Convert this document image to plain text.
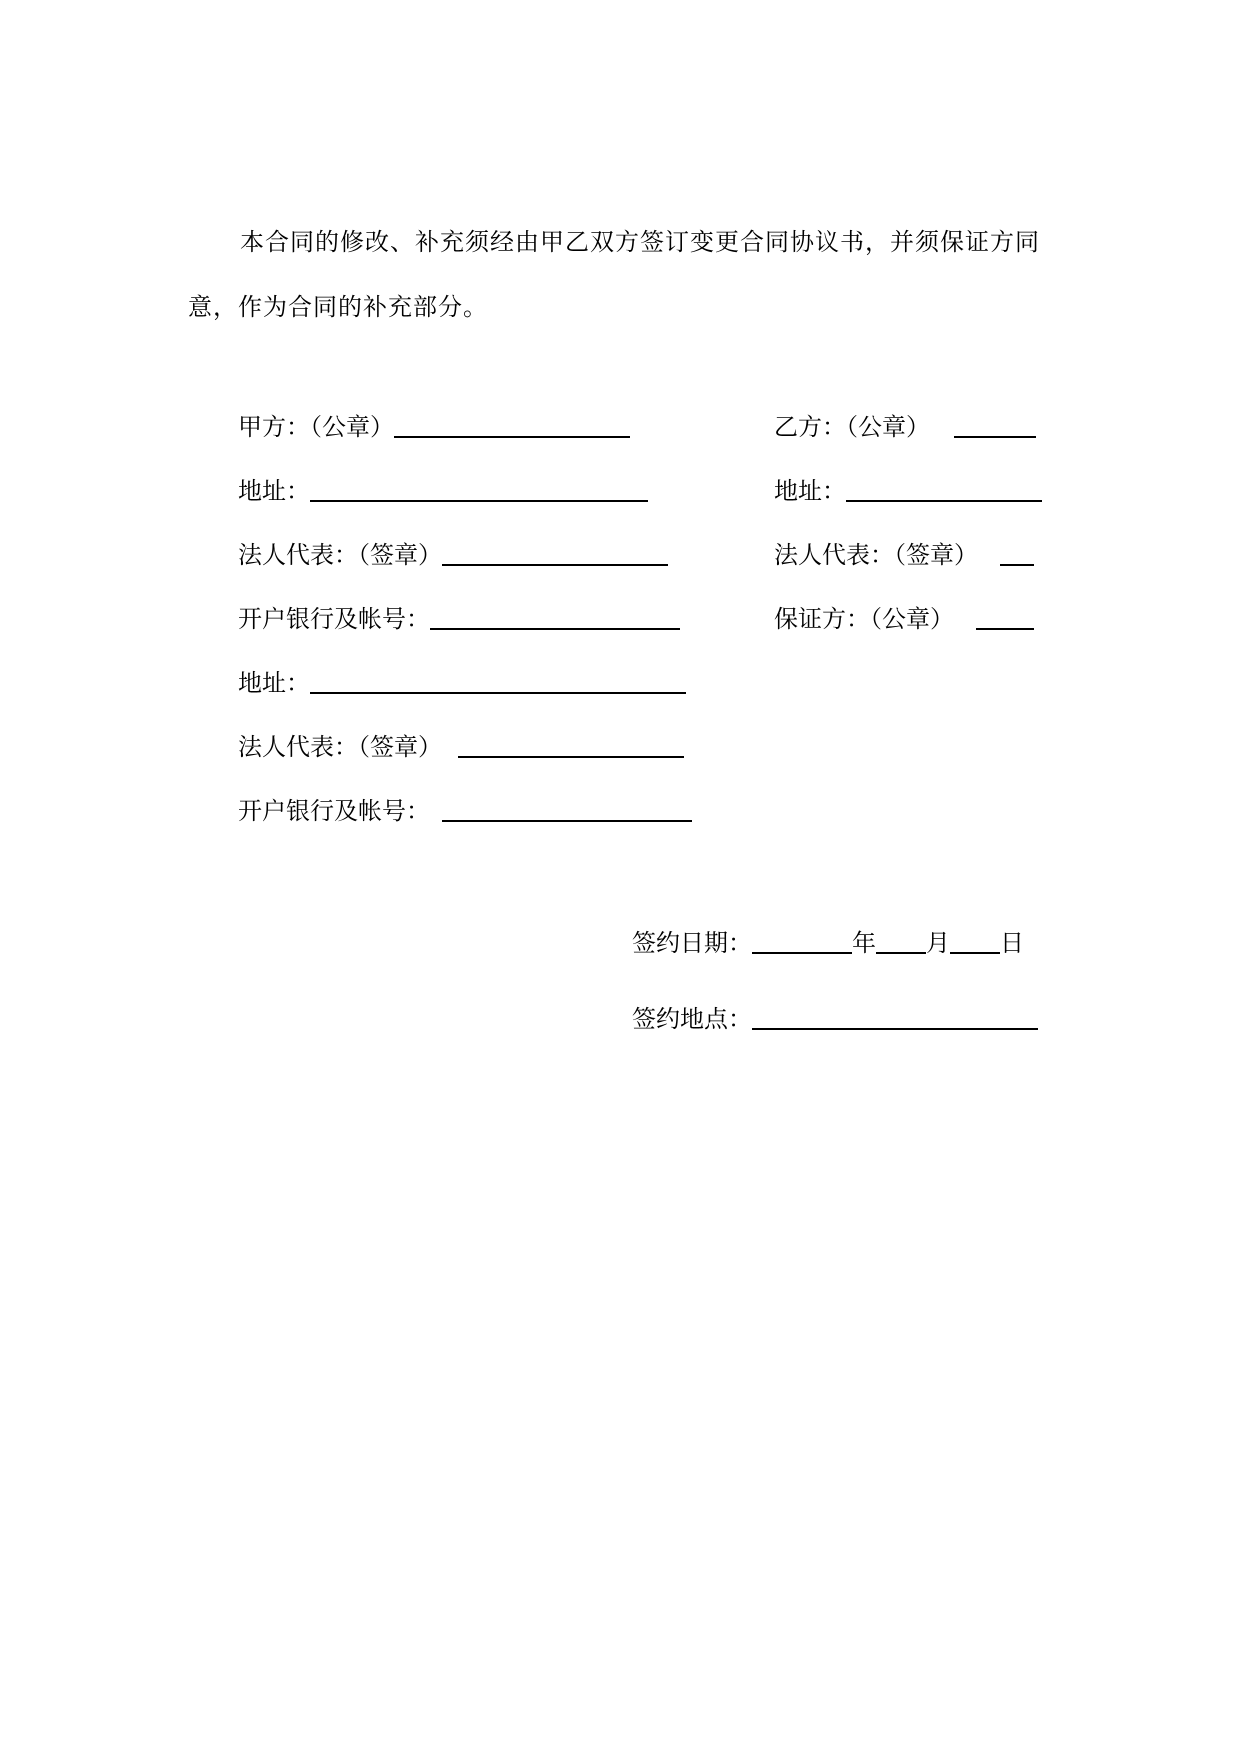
本合同的修改、补充须经由甲乙双方签订变更合同协议书，并须保证方同意，作为合同的补充部分。

甲方：（公章）
地址：
法人代表：（签章）
开户银行及帐号：
地址：
法人代表：（签章）
开户银行及帐号：
乙方：（公章）
地址：
法人代表：（签章）
保证方：（公章）
签约日期：	年 月 日
签约地点：
